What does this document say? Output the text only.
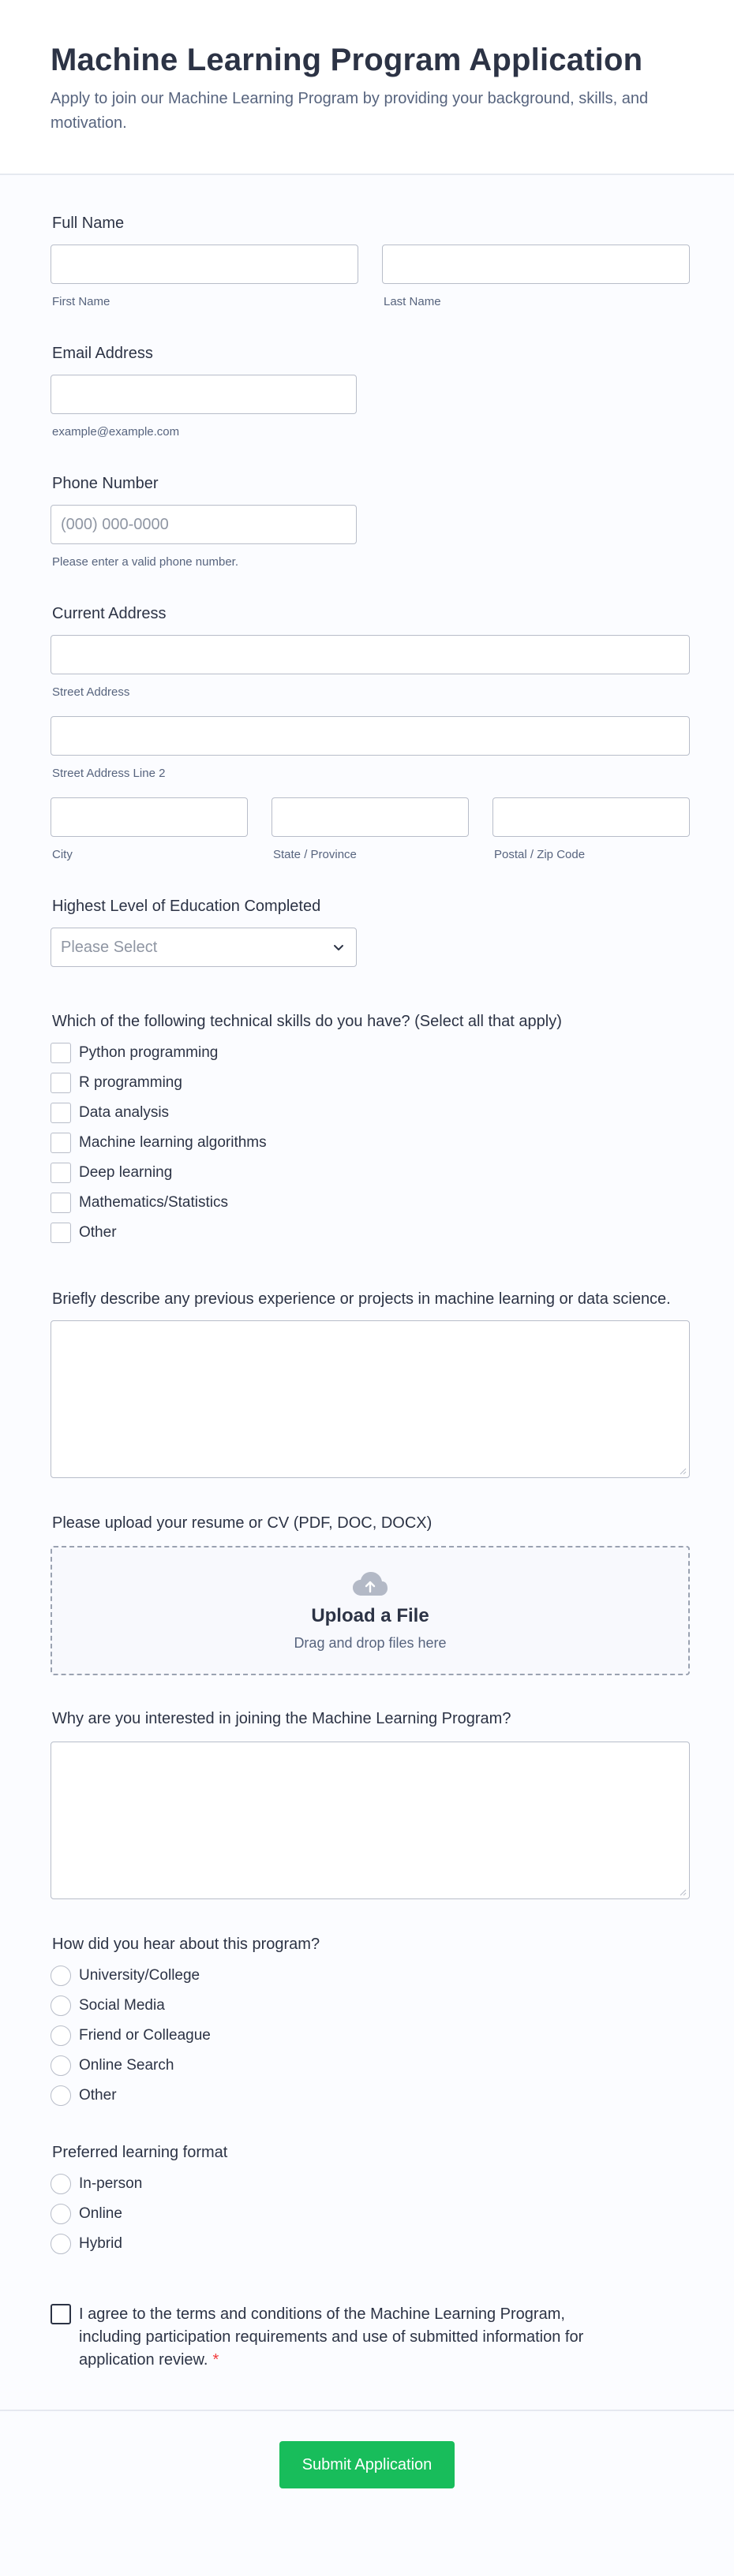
Machine Learning Program Application

Apply to join our Machine Learning Program by providing your background, skills, and motivation.

Full Name
First Name	Last Name
Email Address
example@example.com
Phone Number
(000) 000-0000
Please enter a valid phone number.
Current Address
Street Address
Street Address Line 2
City	State / Province	Postal / Zip Code
Highest Level of Education Completed
Please Select
Which of the following technical skills do you have? (Select all that apply)
Python programming
R programming
Data analysis
Machine learning algorithms
Deep learning
Mathematics/Statistics
Other
Briefly describe any previous experience or projects in machine learning or data science.
Please upload your resume or CV (PDF, DOC, DOCX)
Upload a File
Drag and drop files here
Why are you interested in joining the Machine Learning Program?
How did you hear about this program?
University/College
Social Media
Friend or Colleague
Online Search
Other
Preferred learning format
In-person
Online
Hybrid
I agree to the terms and conditions of the Machine Learning Program, including participation requirements and use of submitted information for application review. *
Submit Application
